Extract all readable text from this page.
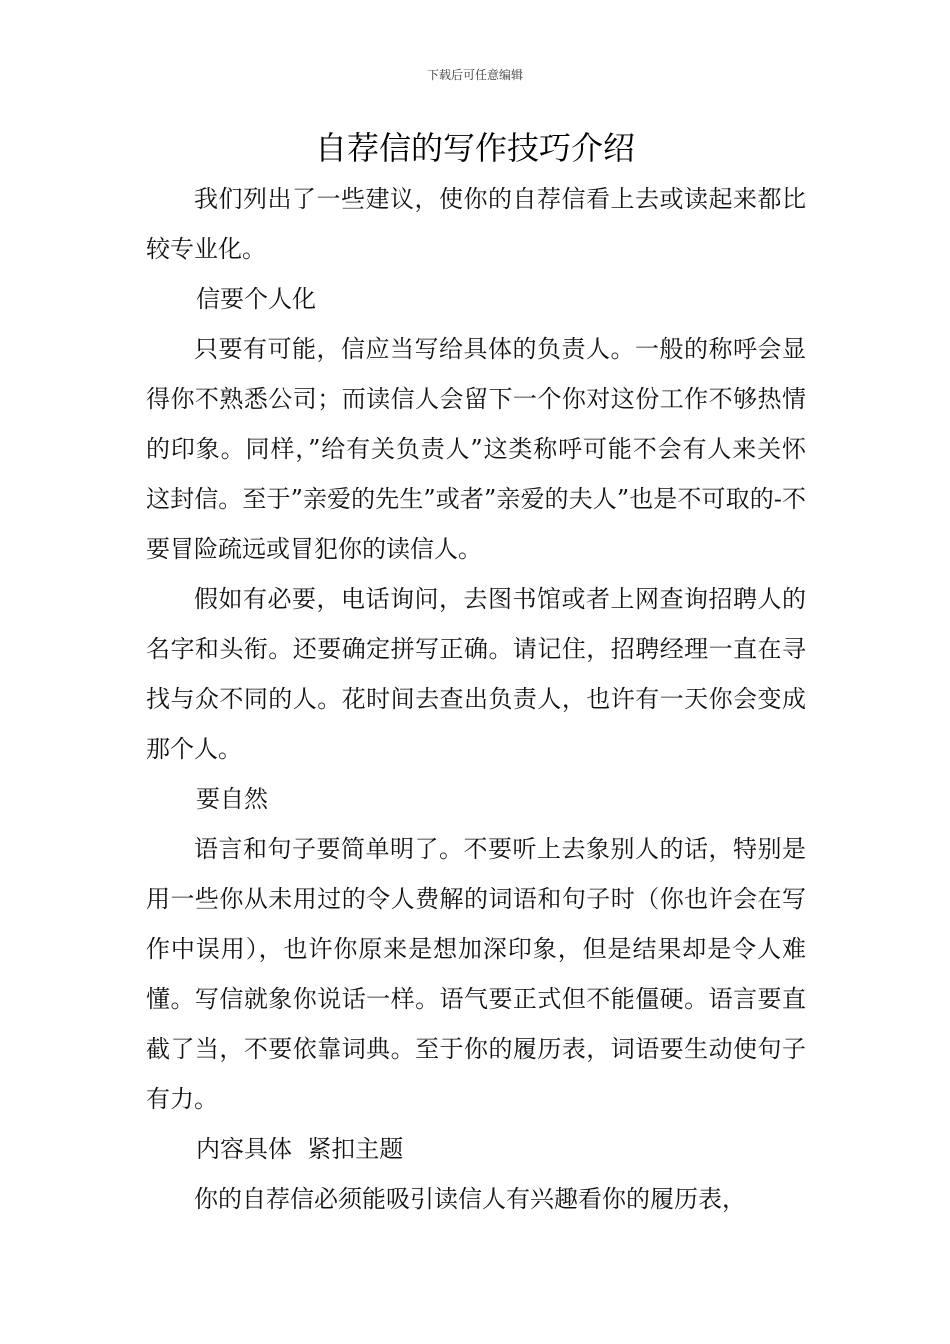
下载后可任意编辑
自荐信的写作技巧介绍

我们列出了一些建议，使你的自荐信看上去或读起来都比较专业化。

信要个人化

只要有可能，信应当写给具体的负责人。一般的称呼会显得你不熟悉公司；而读信人会留下一个你对这份工作不够热情的印象。同样，”给有关负责人”这类称呼可能不会有人来关怀这封信。至于”亲爱的先生”或者”亲爱的夫人”也是不可取的-不要冒险疏远或冒犯你的读信人。

假如有必要，电话询问，去图书馆或者上网查询招聘人的名字和头衔。还要确定拼写正确。请记住，招聘经理一直在寻找与众不同的人。花时间去查出负责人，也许有一天你会变成那个人。

要自然

语言和句子要简单明了。不要听上去象别人的话，特别是用一些你从未用过的令人费解的词语和句子时（你也许会在写作中误用），也许你原来是想加深印象，但是结果却是令人难懂。写信就象你说话一样。语气要正式但不能僵硬。语言要直截了当，不要依靠词典。至于你的履历表，词语要生动使句子有力。

内容具体  紧扣主题

你的自荐信必须能吸引读信人有兴趣看你的履历表，
